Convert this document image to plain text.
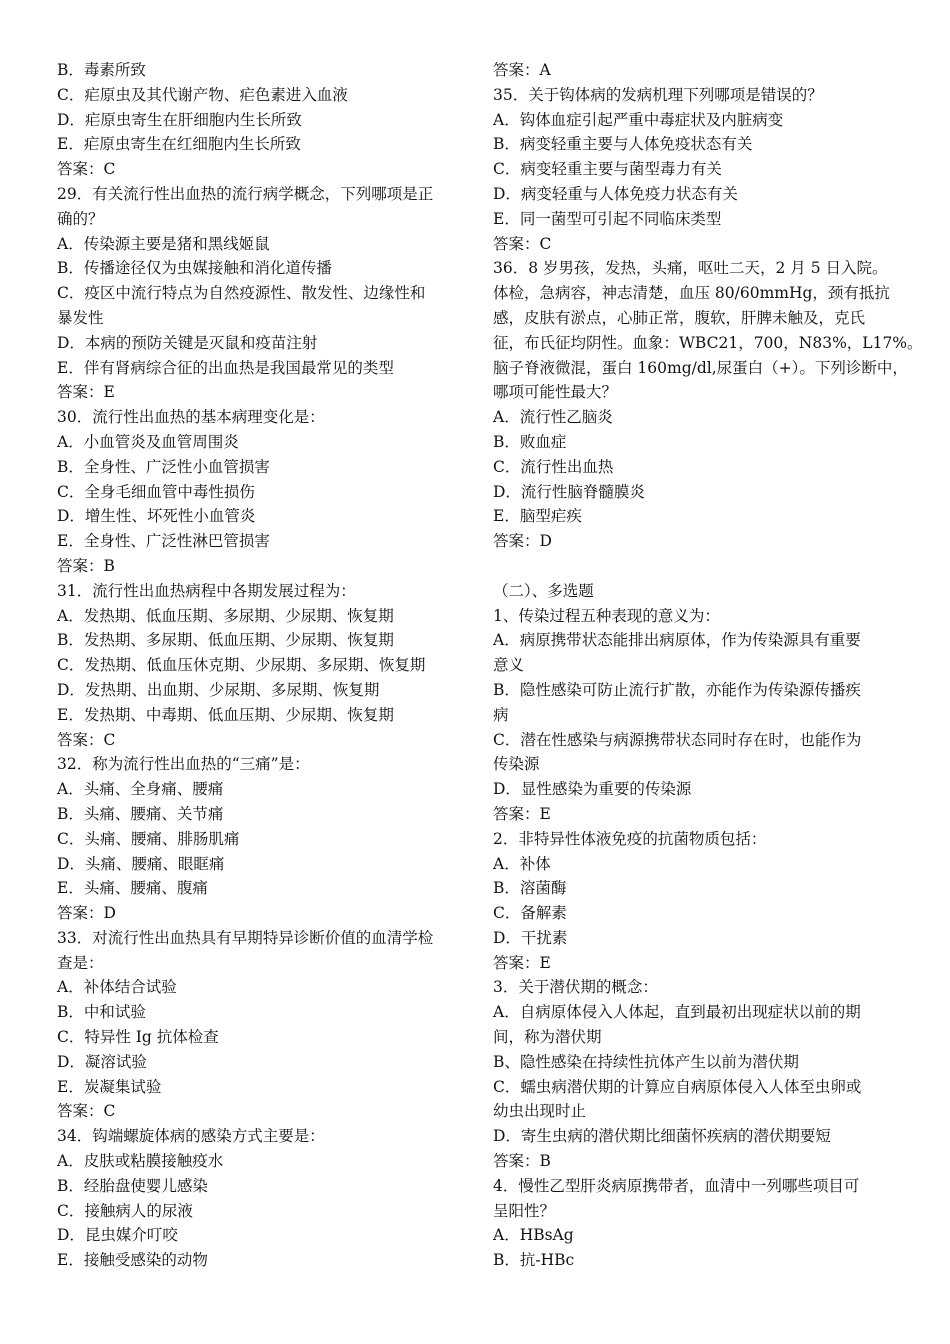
B．毒素所致
C．疟原虫及其代谢产物、疟色素进入血液
D．疟原虫寄生在肝细胞内生长所致
E．疟原虫寄生在红细胞内生长所致
答案：C
29．有关流行性出血热的流行病学概念，下列哪项是正
确的？
A．传染源主要是猪和黑线姬鼠
B．传播途径仅为虫媒接触和消化道传播
C．疫区中流行特点为自然疫源性、散发性、边缘性和
暴发性
D．本病的预防关键是灭鼠和疫苗注射
E．伴有肾病综合征的出血热是我国最常见的类型
答案：E
30．流行性出血热的基本病理变化是：
A．小血管炎及血管周围炎
B．全身性、广泛性小血管损害
C．全身毛细血管中毒性损伤
D．增生性、坏死性小血管炎
E．全身性、广泛性淋巴管损害
答案：B
31．流行性出血热病程中各期发展过程为：
A．发热期、低血压期、多尿期、少尿期、恢复期
B．发热期、多尿期、低血压期、少尿期、恢复期
C．发热期、低血压休克期、少尿期、多尿期、恢复期
D．发热期、出血期、少尿期、多尿期、恢复期
E．发热期、中毒期、低血压期、少尿期、恢复期
答案：C
32．称为流行性出血热的“三痛”是：
A．头痛、全身痛、腰痛
B．头痛、腰痛、关节痛
C．头痛、腰痛、腓肠肌痛
D．头痛、腰痛、眼眶痛
E．头痛、腰痛、腹痛
答案：D
33．对流行性出血热具有早期特异诊断价值的血清学检
查是：
A．补体结合试验
B．中和试验
C．特异性 Ig 抗体检查
D．凝溶试验
E．炭凝集试验
答案：C
34．钩端螺旋体病的感染方式主要是：
A．皮肤或粘膜接触疫水
B．经胎盘使婴儿感染
C．接触病人的尿液
D．昆虫媒介叮咬
E．接触受感染的动物
答案：A
35．关于钩体病的发病机理下列哪项是错误的？
A．钩体血症引起严重中毒症状及内脏病变
B．病变轻重主要与人体免疫状态有关
C．病变轻重主要与菌型毒力有关
D．病变轻重与人体免疫力状态有关
E．同一菌型可引起不同临床类型
答案：C
36．8 岁男孩，发热，头痛，呕吐二天，2 月 5 日入院。
体检，急病容，神志清楚，血压 80/60mmHg，颈有抵抗
感，皮肤有淤点，心肺正常，腹软，肝脾未触及，克氏
征，布氏征均阴性。血象：WBC21，700，N83%，L17%。
脑子脊液微混，蛋白 160mg/dl,尿蛋白（+）。下列诊断中，
哪项可能性最大？
A．流行性乙脑炎
B．败血症
C．流行性出血热
D．流行性脑脊髓膜炎
E．脑型疟疾
答案：D
（二）、多选题
1、传染过程五种表现的意义为：
A．病原携带状态能排出病原体，作为传染源具有重要
意义
B．隐性感染可防止流行扩散，亦能作为传染源传播疾
病
C．潜在性感染与病源携带状态同时存在时，也能作为
传染源
D．显性感染为重要的传染源
答案：E
2．非特异性体液免疫的抗菌物质包括：
A．补体
B．溶菌酶
C．备解素
D．干扰素
答案：E
3．关于潜伏期的概念：
A．自病原体侵入人体起，直到最初出现症状以前的期
间，称为潜伏期
B、隐性感染在持续性抗体产生以前为潜伏期
C．蠕虫病潜伏期的计算应自病原体侵入人体至虫卵或
幼虫出现时止
D．寄生虫病的潜伏期比细菌怀疾病的潜伏期要短
答案：B
4．慢性乙型肝炎病原携带者，血清中一列哪些项目可
呈阳性？
A．HBsAg
B．抗-HBc
